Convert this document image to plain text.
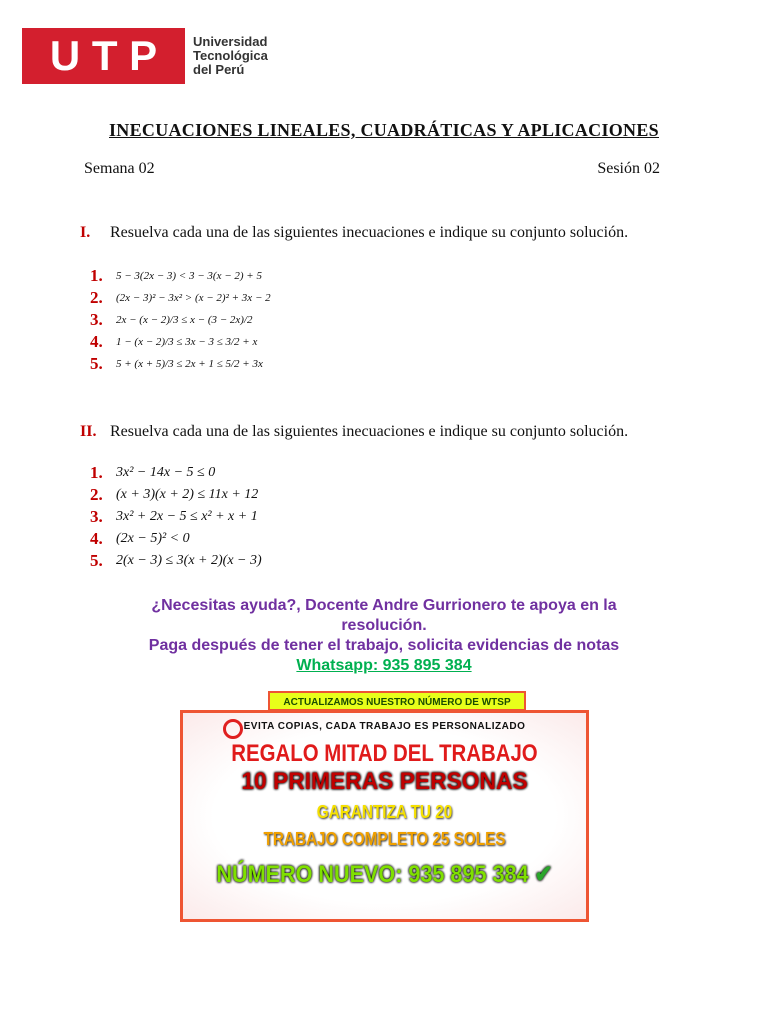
U T P	Universidad
Tecnológica
del Perú
INECUACIONES LINEALES, CUADRÁTICAS Y APLICACIONES
Semana 02	Sesión 02
I. Resuelva cada una de las siguientes inecuaciones e indique su conjunto solución.
1.	5 − 3(2x − 3) < 3 − 3(x − 2) + 5
2.	(2x − 3)² − 3x² > (x − 2)² + 3x − 2
3.	2x − (x − 2)/3 ≤ x − (3 − 2x)/2
4.	1 − (x − 2)/3 ≤ 3x − 3 ≤ 3/2 + x
5.	5 + (x + 5)/3 ≤ 2x + 1 ≤ 5/2 + 3x
II. Resuelva cada una de las siguientes inecuaciones e indique su conjunto solución.
1. 3x² − 14x − 5 ≤ 0
2. (x + 3)(x + 2) ≤ 11x + 12
3. 3x² + 2x − 5 ≤ x² + x + 1
4. (2x − 5)² < 0
5. 2(x − 3) ≤ 3(x + 2)(x − 3)
¿Necesitas ayuda?, Docente Andre Gurrionero te apoya en la
resolución.
Paga después de tener el trabajo, solicita evidencias de notas
Whatsapp: 935 895 384
ACTUALIZAMOS NUESTRO NÚMERO DE WTSP
EVITA COPIAS, CADA TRABAJO ES PERSONALIZADO
REGALO MITAD DEL TRABAJO
10 PRIMERAS PERSONAS
GARANTIZA TU 20
TRABAJO COMPLETO 25 SOLES
NÚMERO NUEVO: 935 895 384 ✔
